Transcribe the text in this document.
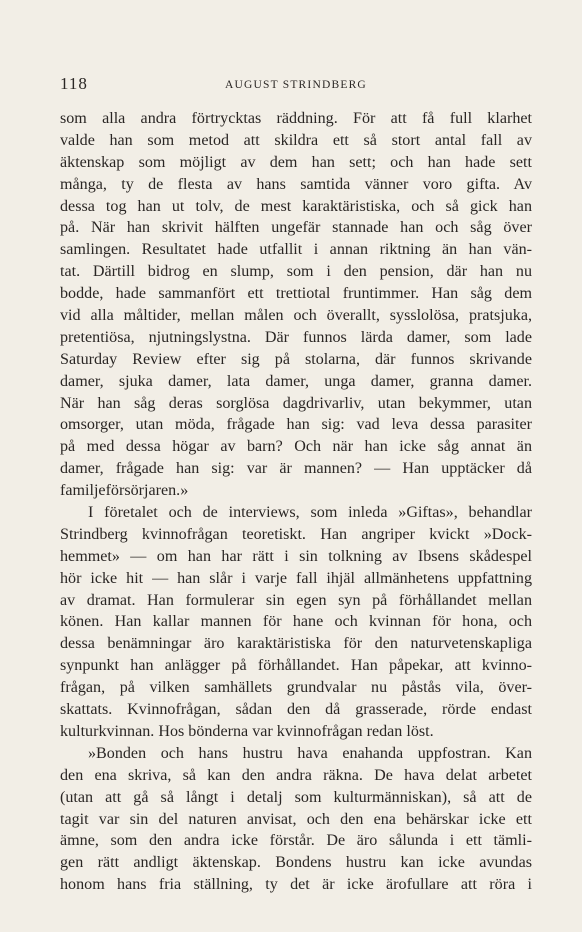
118	AUGUST STRINDBERG
som alla andra förtrycktas räddning. För att få full klarhet
valde han som metod att skildra ett så stort antal fall av
äktenskap som möjligt av dem han sett; och han hade sett
många, ty de flesta av hans samtida vänner voro gifta. Av
dessa tog han ut tolv, de mest karaktäristiska, och så gick han
på. När han skrivit hälften ungefär stannade han och såg över
samlingen. Resultatet hade utfallit i annan riktning än han vän-
tat. Därtill bidrog en slump, som i den pension, där han nu
bodde, hade sammanfört ett trettiotal fruntimmer. Han såg dem
vid alla måltider, mellan målen och överallt, sysslolösa, pratsjuka,
pretentiösa, njutningslystna. Där funnos lärda damer, som lade
Saturday Review efter sig på stolarna, där funnos skrivande
damer, sjuka damer, lata damer, unga damer, granna damer.
När han såg deras sorglösa dagdrivarliv, utan bekymmer, utan
omsorger, utan möda, frågade han sig: vad leva dessa parasiter
på med dessa högar av barn? Och när han icke såg annat än
damer, frågade han sig: var är mannen? — Han upptäcker då
familjeförsörjaren.»
I företalet och de interviews, som inleda »Giftas», behandlar
Strindberg kvinnofrågan teoretiskt. Han angriper kvickt »Dock-
hemmet» — om han har rätt i sin tolkning av Ibsens skådespel
hör icke hit — han slår i varje fall ihjäl allmänhetens uppfattning
av dramat. Han formulerar sin egen syn på förhållandet mellan
könen. Han kallar mannen för hane och kvinnan för hona, och
dessa benämningar äro karaktäristiska för den naturvetenskapliga
synpunkt han anlägger på förhållandet. Han påpekar, att kvinno-
frågan, på vilken samhällets grundvalar nu påstås vila, över-
skattats. Kvinnofrågan, sådan den då grasserade, rörde endast
kulturkvinnan. Hos bönderna var kvinnofrågan redan löst.
»Bonden och hans hustru hava enahanda uppfostran. Kan
den ena skriva, så kan den andra räkna. De hava delat arbetet
(utan att gå så långt i detalj som kulturmänniskan), så att de
tagit var sin del naturen anvisat, och den ena behärskar icke ett
ämne, som den andra icke förstår. De äro sålunda i ett tämli-
gen rätt andligt äktenskap. Bondens hustru kan icke avundas
honom hans fria ställning, ty det är icke ärofullare att röra i
